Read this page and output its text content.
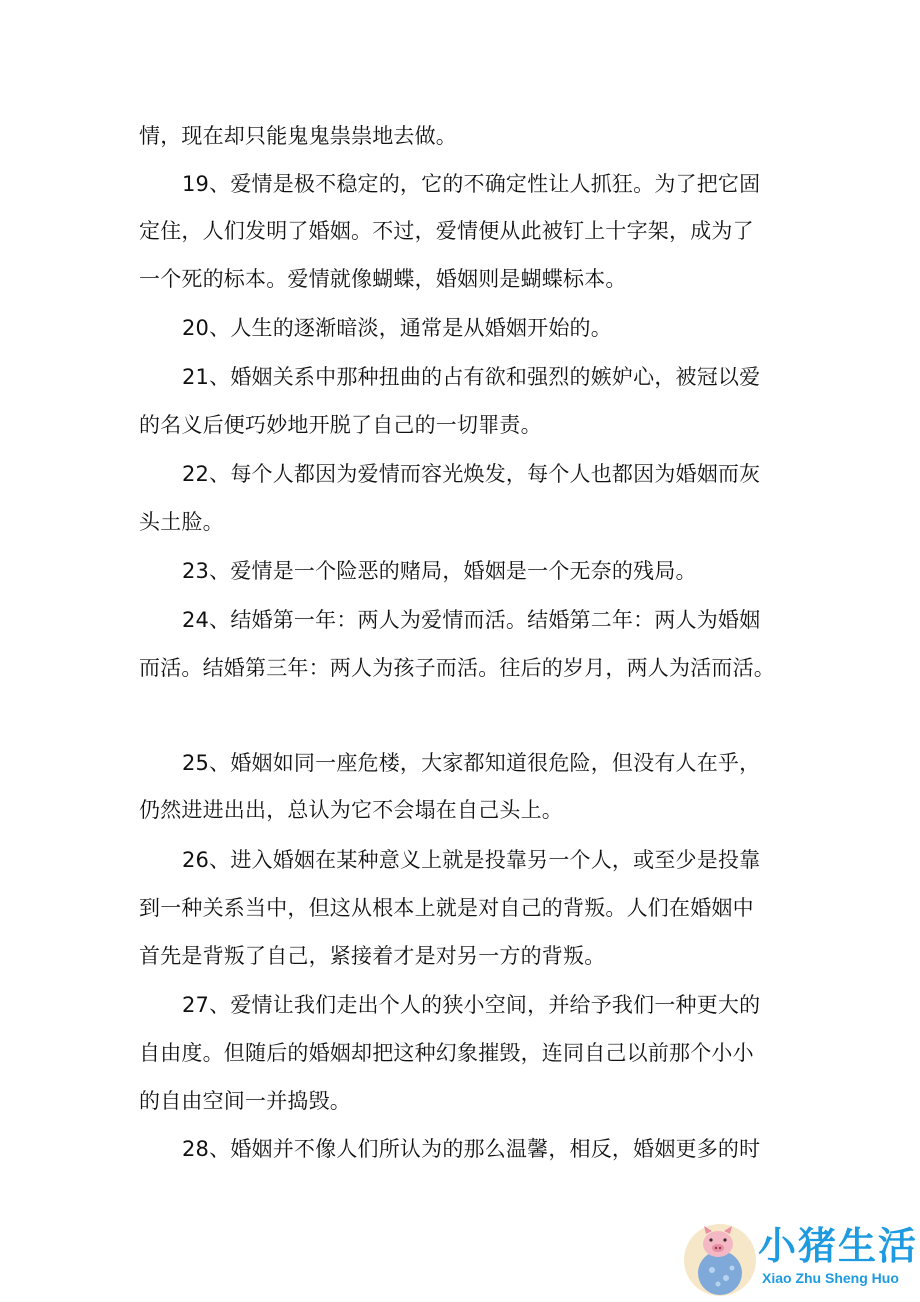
情，现在却只能鬼鬼祟祟地去做。
19、爱情是极不稳定的，它的不确定性让人抓狂。为了把它固
定住，人们发明了婚姻。不过，爱情便从此被钉上十字架，成为了
一个死的标本。爱情就像蝴蝶，婚姻则是蝴蝶标本。
20、人生的逐渐暗淡，通常是从婚姻开始的。
21、婚姻关系中那种扭曲的占有欲和强烈的嫉妒心，被冠以爱
的名义后便巧妙地开脱了自己的一切罪责。
22、每个人都因为爱情而容光焕发，每个人也都因为婚姻而灰
头土脸。
23、爱情是一个险恶的赌局，婚姻是一个无奈的残局。
24、结婚第一年：两人为爱情而活。结婚第二年：两人为婚姻
而活。结婚第三年：两人为孩子而活。往后的岁月，两人为活而活。
25、婚姻如同一座危楼，大家都知道很危险，但没有人在乎，
仍然进进出出，总认为它不会塌在自己头上。
26、进入婚姻在某种意义上就是投靠另一个人，或至少是投靠
到一种关系当中，但这从根本上就是对自己的背叛。人们在婚姻中
首先是背叛了自己，紧接着才是对另一方的背叛。
27、爱情让我们走出个人的狭小空间，并给予我们一种更大的
自由度。但随后的婚姻却把这种幻象摧毁，连同自己以前那个小小
的自由空间一并捣毁。
28、婚姻并不像人们所认为的那么温馨，相反，婚姻更多的时
小猪生活
Xiao Zhu Sheng Huo
